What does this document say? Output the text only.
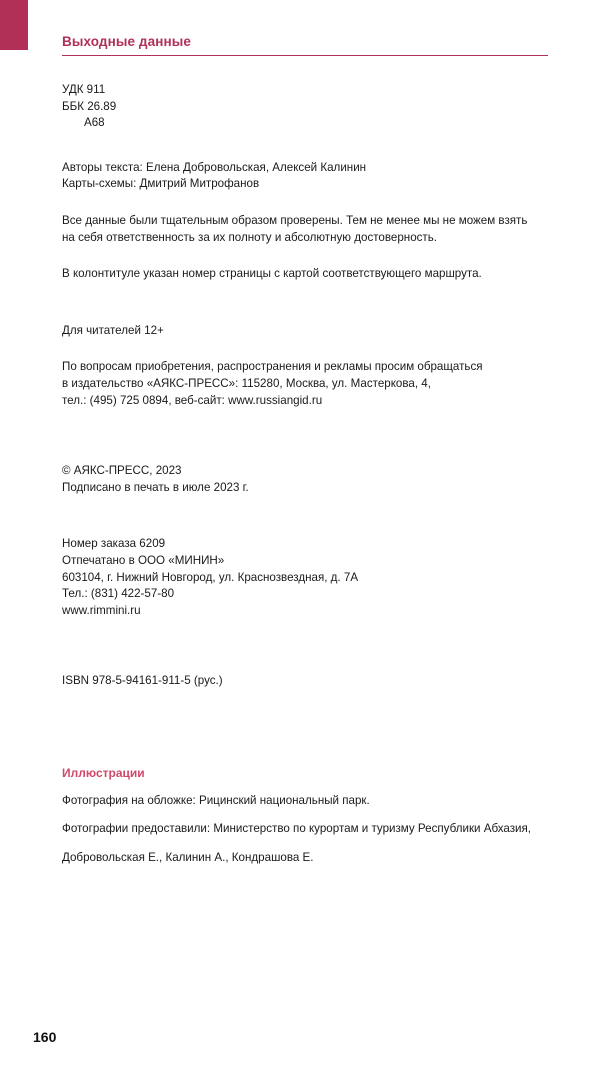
Выходные данные

УДК 911

ББК 26.89

А68

Авторы текста: Елена Добровольская, Алексей Калинин

Карты-схемы: Дмитрий Митрофанов

Все данные были тщательным образом проверены. Тем не менее мы не можем взять

на себя ответственность за их полноту и абсолютную достоверность.

В колонтитуле указан номер страницы с картой соответствующего маршрута.

Для читателей 12+

По вопросам приобретения, распространения и рекламы просим обращаться

в издательство «АЯКС-ПРЕСС»: 115280, Москва, ул. Мастеркова, 4,

тел.: (495) 725 0894, веб-сайт: www.russiangid.ru

© АЯКС-ПРЕСС, 2023

Подписано в печать в июле 2023 г.

Номер заказа 6209

Отпечатано в ООО «МИНИН»

603104, г. Нижний Новгород, ул. Краснозвездная, д. 7А

Тел.: (831) 422-57-80

www.rimmini.ru

ISBN 978-5-94161-911-5 (рус.)

Иллюстрации

Фотография на обложке: Рицинский национальный парк.

Фотографии предоставили: Министерство по курортам и туризму Республики Абхазия,

Добровольская Е., Калинин А., Кондрашова Е.

160
